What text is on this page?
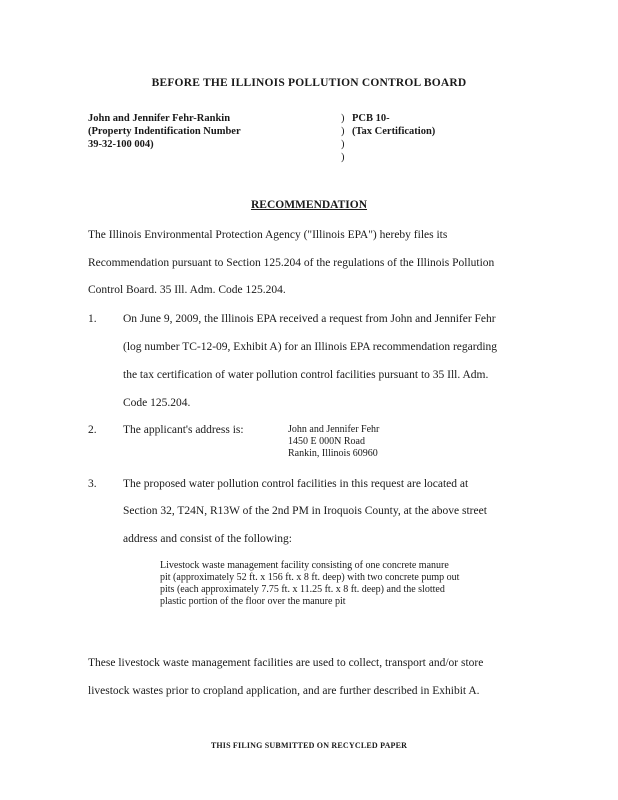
BEFORE THE ILLINOIS POLLUTION CONTROL BOARD
John and Jennifer Fehr-Rankin
(Property Indentification Number
39-32-100 004)
)
)
)
)
PCB 10-
(Tax Certification)
RECOMMENDATION
The Illinois Environmental Protection Agency ("Illinois EPA") hereby files its
Recommendation pursuant to Section 125.204 of the regulations of the Illinois Pollution
Control Board. 35 Ill. Adm. Code 125.204.
1. On June 9, 2009, the Illinois EPA received a request from John and Jennifer Fehr
(log number TC-12-09, Exhibit A) for an Illinois EPA recommendation regarding
the tax certification of water pollution control facilities pursuant to 35 Ill. Adm.
Code 125.204.
2. The applicant's address is:	John and Jennifer Fehr
1450 E 000N Road
Rankin, Illinois 60960
3. The proposed water pollution control facilities in this request are located at
Section 32, T24N, R13W of the 2nd PM in Iroquois County, at the above street
address and consist of the following:
Livestock waste management facility consisting of one concrete manure pit (approximately 52 ft. x 156 ft. x 8 ft. deep) with two concrete pump out pits (each approximately 7.75 ft. x 11.25 ft. x 8 ft. deep) and the slotted plastic portion of the floor over the manure pit
These livestock waste management facilities are used to collect, transport and/or store
livestock wastes prior to cropland application, and are further described in Exhibit A.
THIS FILING SUBMITTED ON RECYCLED PAPER
